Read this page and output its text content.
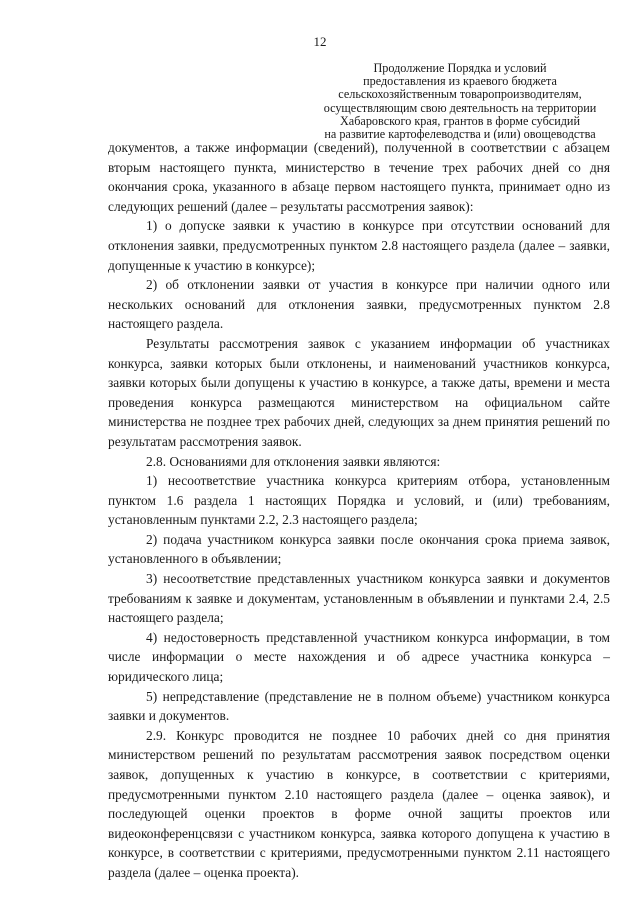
12
Продолжение Порядка и условий
предоставления из краевого бюджета
сельскохозяйственным товаропроизводителям,
осуществляющим свою деятельность на территории
Хабаровского края, грантов в форме субсидий
на развитие картофелеводства и (или) овощеводства

документов, а также информации (сведений), полученной в соответствии с абзацем вторым настоящего пункта, министерство в течение трех рабочих дней со дня окончания срока, указанного в абзаце первом настоящего пункта, принимает одно из следующих решений (далее – результаты рассмотрения заявок):

1) о допуске заявки к участию в конкурсе при отсутствии оснований для отклонения заявки, предусмотренных пунктом 2.8 настоящего раздела (далее – заявки, допущенные к участию в конкурсе);

2) об отклонении заявки от участия в конкурсе при наличии одного или нескольких оснований для отклонения заявки, предусмотренных пунктом 2.8 настоящего раздела.

Результаты рассмотрения заявок с указанием информации об участниках конкурса, заявки которых были отклонены, и наименований участников конкурса, заявки которых были допущены к участию в конкурсе, а также даты, времени и места проведения конкурса размещаются министерством на официальном сайте министерства не позднее трех рабочих дней, следующих за днем принятия решений по результатам рассмотрения заявок.

2.8. Основаниями для отклонения заявки являются:

1) несоответствие участника конкурса критериям отбора, установленным пунктом 1.6 раздела 1 настоящих Порядка и условий, и (или) требованиям, установленным пунктами 2.2, 2.3 настоящего раздела;

2) подача участником конкурса заявки после окончания срока приема заявок, установленного в объявлении;

3) несоответствие представленных участником конкурса заявки и документов требованиям к заявке и документам, установленным в объявлении и пунктами 2.4, 2.5 настоящего раздела;

4) недостоверность представленной участником конкурса информации, в том числе информации о месте нахождения и об адресе участника конкурса – юридического лица;

5) непредставление (представление не в полном объеме) участником конкурса заявки и документов.

2.9. Конкурс проводится не позднее 10 рабочих дней со дня принятия министерством решений по результатам рассмотрения заявок посредством оценки заявок, допущенных к участию в конкурсе, в соответствии с критериями, предусмотренными пунктом 2.10 настоящего раздела (далее – оценка заявок), и последующей оценки проектов в форме очной защиты проектов или видеоконференцсвязи с участником конкурса, заявка которого допущена к участию в конкурсе, в соответствии с критериями, предусмотренными пунктом 2.11 настоящего раздела (далее – оценка проекта).
